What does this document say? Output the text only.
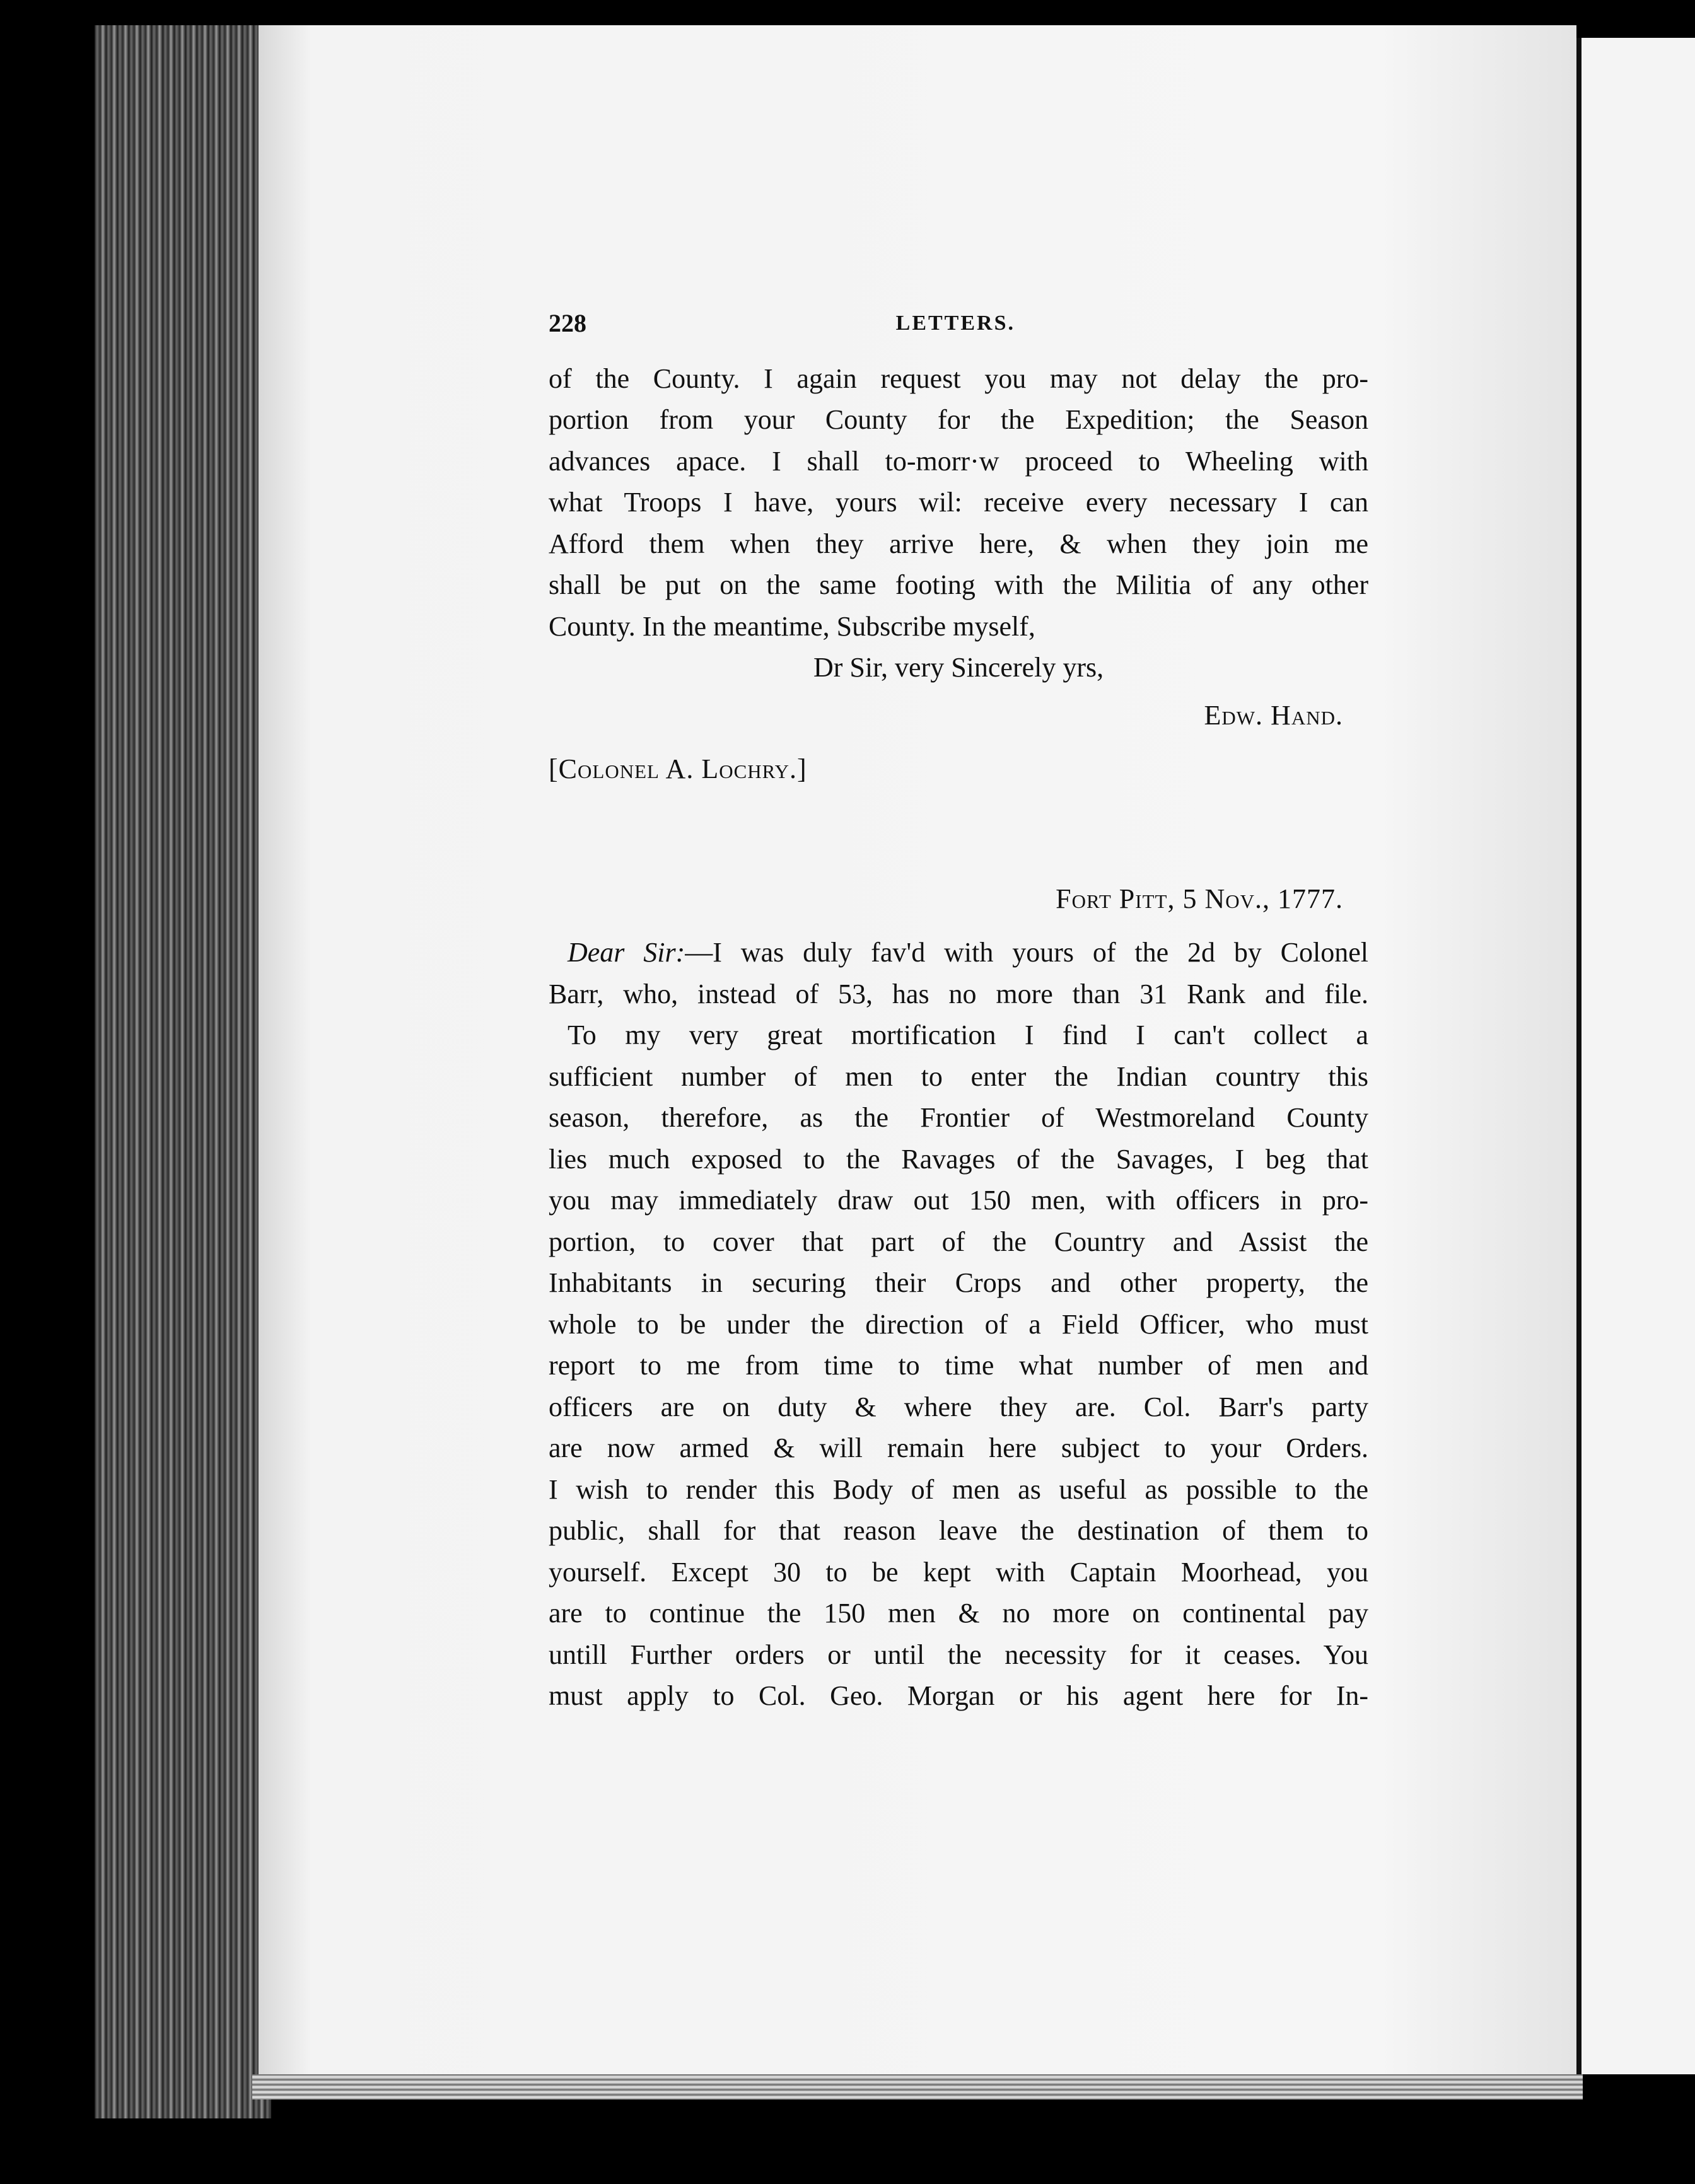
228	LETTERS.
of the County. I again request you may not delay the pro-
portion from your County for the Expedition; the Season
advances apace. I shall to-morr·w proceed to Wheeling with
what Troops I have, yours wil: receive every necessary I can
Afford them when they arrive here, & when they join me
shall be put on the same footing with the Militia of any other
County. In the meantime, Subscribe myself,
Dr Sir, very Sincerely yrs,
Edw. Hand.
[Colonel A. Lochry.]
Fort Pitt, 5 Nov., 1777.
Dear Sir:—I was duly fav'd with yours of the 2d by Colonel
Barr, who, instead of 53, has no more than 31 Rank and file.
To my very great mortification I find I can't collect a
sufficient number of men to enter the Indian country this
season, therefore, as the Frontier of Westmoreland County
lies much exposed to the Ravages of the Savages, I beg that
you may immediately draw out 150 men, with officers in pro-
portion, to cover that part of the Country and Assist the
Inhabitants in securing their Crops and other property, the
whole to be under the direction of a Field Officer, who must
report to me from time to time what number of men and
officers are on duty & where they are. Col. Barr's party
are now armed & will remain here subject to your Orders.
I wish to render this Body of men as useful as possible to the
public, shall for that reason leave the destination of them to
yourself. Except 30 to be kept with Captain Moorhead, you
are to continue the 150 men & no more on continental pay
untill Further orders or until the necessity for it ceases. You
must apply to Col. Geo. Morgan or his agent here for In-
